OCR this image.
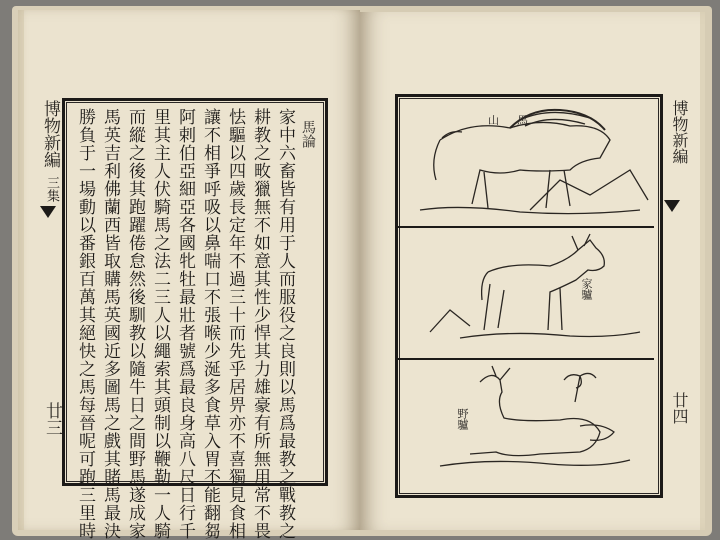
博物新編
三集
廿三
馬論
家中六畜皆有用于人而服役之良則以馬爲最教之戰教之
耕教之畋獵無不如意其性少悍其力雄豪有所無用常不畏
怯驅以四歲長定年不過三十而先乎居畀亦不喜獨見食相
讓不相爭呼吸以鼻喘口不張喉少涎多食草入胃不能翻芻
阿剌伯亞細亞各國牝牡最壯者號爲最良身高八尺日行千
里其主人伏騎馬之法二三人以繩索其頭制以鞭勒一人騎
而縱之後其跑躍倦怠然後馴教以隨牛日之間野馬遂成家
馬英吉利佛蘭西皆取購馬英國近多圖馬之戲其賭馬最決
勝負于一場動以番銀百萬其絕快之馬每晉呢可跑三里時	博物新編
廿四
山馬
家驢
野驢
